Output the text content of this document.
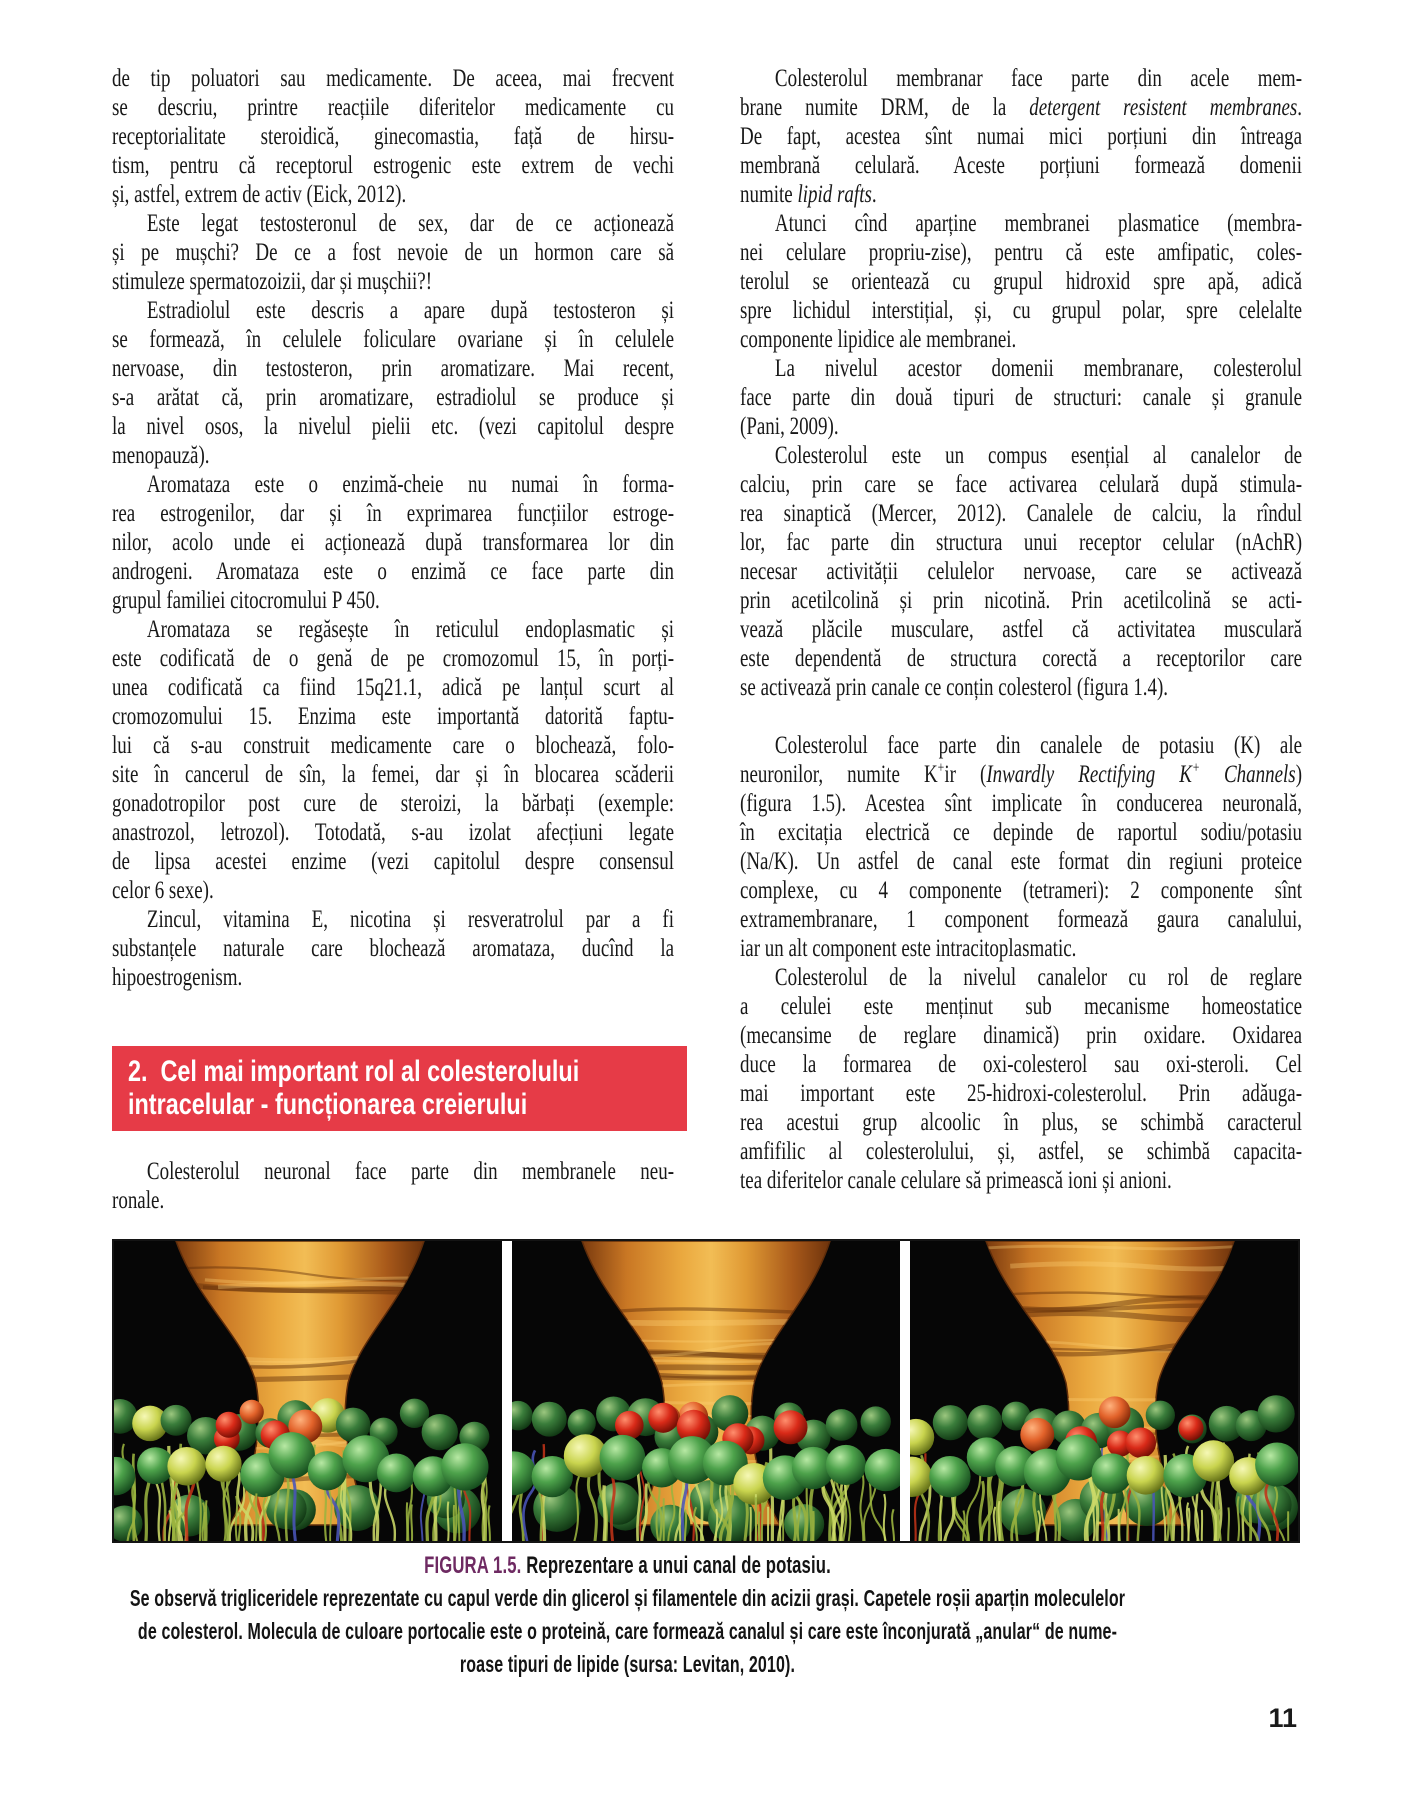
de tip poluatori sau medicamente. De aceea, mai frecvent
se descriu, printre reacțiile diferitelor medicamente cu
receptorialitate steroidică, ginecomastia, față de hirsu-
tism, pentru că receptorul estrogenic este extrem de vechi
și, astfel, extrem de activ (Eick, 2012).
Este legat testosteronul de sex, dar de ce acționează
și pe mușchi? De ce a fost nevoie de un hormon care să
stimuleze spermatozoizii, dar și mușchii?!
Estradiolul este descris a apare după testosteron și
se formează, în celulele foliculare ovariane și în celulele
nervoase, din testosteron, prin aromatizare. Mai recent,
s-a arătat că, prin aromatizare, estradiolul se produce și
la nivel osos, la nivelul pielii etc. (vezi capitolul despre
menopauză).
Aromataza este o enzimă-cheie nu numai în forma-
rea estrogenilor, dar și în exprimarea funcțiilor estroge-
nilor, acolo unde ei acționează după transformarea lor din
androgeni. Aromataza este o enzimă ce face parte din
grupul familiei citocromului P 450.
Aromataza se regăsește în reticulul endoplasmatic și
este codificată de o genă de pe cromozomul 15, în porți-
unea codificată ca fiind 15q21.1, adică pe lanțul scurt al
cromozomului 15. Enzima este importantă datorită faptu-
lui că s-au construit medicamente care o blochează, folo-
site în cancerul de sîn, la femei, dar și în blocarea scăderii
gonadotropilor post cure de steroizi, la bărbați (exemple:
anastrozol, letrozol). Totodată, s-au izolat afecțiuni legate
de lipsa acestei enzime (vezi capitolul despre consensul
celor 6 sexe).
Zincul, vitamina E, nicotina și resveratrolul par a fi
substanțele naturale care blochează aromataza, ducînd la
hipoestrogenism.
2.  Cel mai important rol al colesterolului
intracelular - funcționarea creierului
Colesterolul neuronal face parte din membranele neu-
ronale.
Colesterolul membranar face parte din acele mem-
brane numite DRM, de la detergent resistent membranes.
De fapt, acestea sînt numai mici porțiuni din întreaga
membrană celulară. Aceste porțiuni formează domenii
numite lipid rafts.
Atunci cînd aparține membranei plasmatice (membra-
nei celulare propriu-zise), pentru că este amfipatic, coles-
terolul se orientează cu grupul hidroxid spre apă, adică
spre lichidul interstițial, și, cu grupul polar, spre celelalte
componente lipidice ale membranei.
La nivelul acestor domenii membranare, colesterolul
face parte din două tipuri de structuri: canale și granule
(Pani, 2009).
Colesterolul este un compus esențial al canalelor de
calciu, prin care se face activarea celulară după stimula-
rea sinaptică (Mercer, 2012). Canalele de calciu, la rîndul
lor, fac parte din structura unui receptor celular (nAchR)
necesar activității celulelor nervoase, care se activează
prin acetilcolină și prin nicotină. Prin acetilcolină se acti-
vează plăcile musculare, astfel că activitatea musculară
este dependentă de structura corectă a receptorilor care
se activează prin canale ce conțin colesterol (figura 1.4).
Colesterolul face parte din canalele de potasiu (K) ale
neuronilor, numite K+ir (Inwardly Rectifying K+ Channels)
(figura 1.5). Acestea sînt implicate în conducerea neuronală,
în excitația electrică ce depinde de raportul sodiu/potasiu
(Na/K). Un astfel de canal este format din regiuni proteice
complexe, cu 4 componente (tetrameri): 2 componente sînt
extramembranare, 1 component formează gaura canalului,
iar un alt component este intracitoplasmatic.
Colesterolul de la nivelul canalelor cu rol de reglare
a celulei este menținut sub mecanisme homeostatice
(mecansime de reglare dinamică) prin oxidare. Oxidarea
duce la formarea de oxi-colesterol sau oxi-steroli. Cel
mai important este 25-hidroxi-colesterolul. Prin adăuga-
rea acestui grup alcoolic în plus, se schimbă caracterul
amfifilic al colesterolului, și, astfel, se schimbă capacita-
tea diferitelor canale celulare să primească ioni și anioni.
FIGURA 1.5. Reprezentare a unui canal de potasiu.
Se observă trigliceridele reprezentate cu capul verde din glicerol și filamentele din acizii grași. Capetele roșii aparțin moleculelor
de colesterol. Molecula de culoare portocalie este o proteină, care formează canalul și care este înconjurată „anular“ de nume-
roase tipuri de lipide (sursa: Levitan, 2010).
11
